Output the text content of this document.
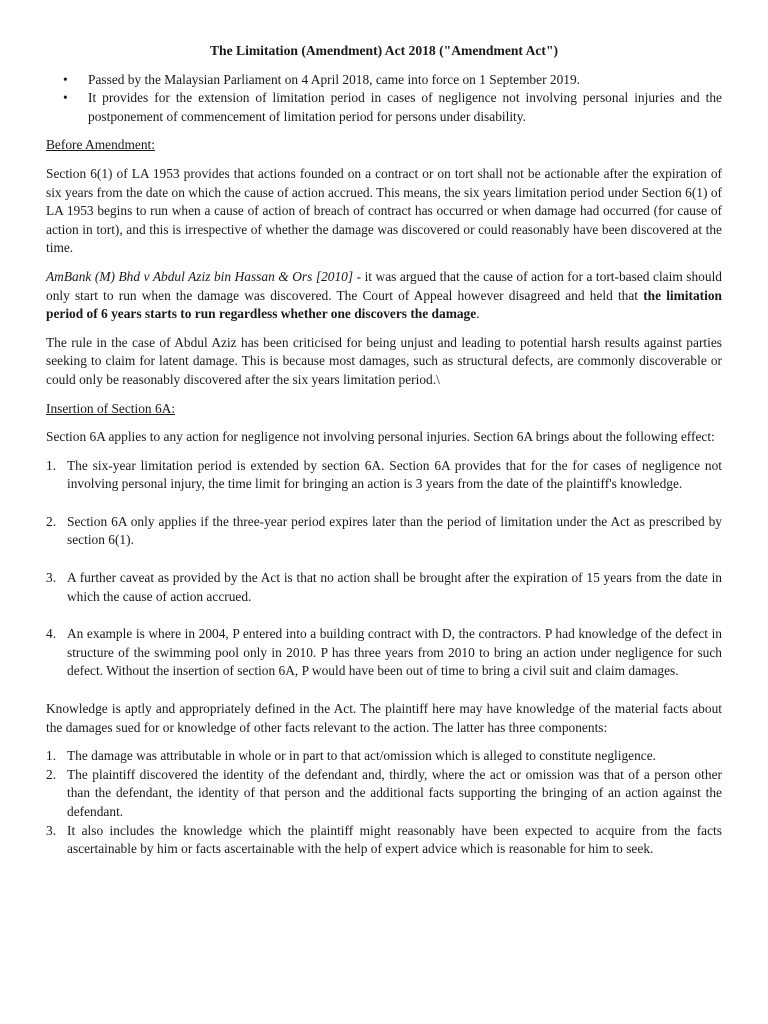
The Limitation (Amendment) Act 2018 ("Amendment Act")
• Passed by the Malaysian Parliament on 4 April 2018, came into force on 1 September 2019.
• It provides for the extension of limitation period in cases of negligence not involving personal injuries and the postponement of commencement of limitation period for persons under disability.
Before Amendment:

Section 6(1) of LA 1953 provides that actions founded on a contract or on tort shall not be actionable after the expiration of six years from the date on which the cause of action accrued. This means, the six years limitation period under Section 6(1) of LA 1953 begins to run when a cause of action of breach of contract has occurred or when damage had occurred (for cause of action in tort), and this is irrespective of whether the damage was discovered or could reasonably have been discovered at the time.

AmBank (M) Bhd v Abdul Aziz bin Hassan & Ors [2010] - it was argued that the cause of action for a tort-based claim should only start to run when the damage was discovered. The Court of Appeal however disagreed and held that the limitation period of 6 years starts to run regardless whether one discovers the damage.

The rule in the case of Abdul Aziz has been criticised for being unjust and leading to potential harsh results against parties seeking to claim for latent damage. This is because most damages, such as structural defects, are commonly discoverable or could only be reasonably discovered after the six years limitation period.\

Insertion of Section 6A:

Section 6A applies to any action for negligence not involving personal injuries. Section 6A brings about the following effect:

1. The six-year limitation period is extended by section 6A. Section 6A provides that for the for cases of negligence not involving personal injury, the time limit for bringing an action is 3 years from the date of the plaintiff's knowledge.
2. Section 6A only applies if the three-year period expires later than the period of limitation under the Act as prescribed by section 6(1).
3. A further caveat as provided by the Act is that no action shall be brought after the expiration of 15 years from the date in which the cause of action accrued.
4. An example is where in 2004, P entered into a building contract with D, the contractors. P had knowledge of the defect in structure of the swimming pool only in 2010. P has three years from 2010 to bring an action under negligence for such defect. Without the insertion of section 6A, P would have been out of time to bring a civil suit and claim damages.

Knowledge is aptly and appropriately defined in the Act. The plaintiff here may have knowledge of the material facts about the damages sued for or knowledge of other facts relevant to the action. The latter has three components:

1. The damage was attributable in whole or in part to that act/omission which is alleged to constitute negligence.
2. The plaintiff discovered the identity of the defendant and, thirdly, where the act or omission was that of a person other than the defendant, the identity of that person and the additional facts supporting the bringing of an action against the defendant.
3. It also includes the knowledge which the plaintiff might reasonably have been expected to acquire from the facts ascertainable by him or facts ascertainable with the help of expert advice which is reasonable for him to seek.
